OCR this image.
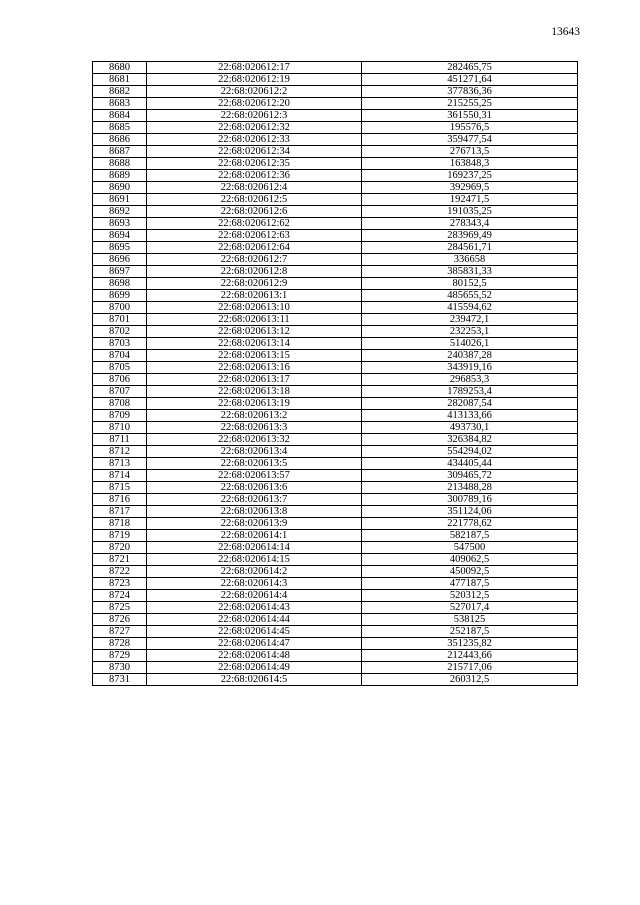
13643
8680	22:68:020612:17	282465,75
8681	22:68:020612:19	451271,64
8682	22:68:020612:2	377836,36
8683	22:68:020612:20	215255,25
8684	22:68:020612:3	361550,31
8685	22:68:020612:32	195576,5
8686	22:68:020612:33	359477,54
8687	22:68:020612:34	276713,5
8688	22:68:020612:35	163848,3
8689	22:68:020612:36	169237,25
8690	22:68:020612:4	392969,5
8691	22:68:020612:5	192471,5
8692	22:68:020612:6	191035,25
8693	22:68:020612:62	278343,4
8694	22:68:020612:63	283969,49
8695	22:68:020612:64	284561,71
8696	22:68:020612:7	336658
8697	22:68:020612:8	385831,33
8698	22:68:020612:9	80152,5
8699	22:68:020613:1	485655,52
8700	22:68:020613:10	415594,62
8701	22:68:020613:11	239472,1
8702	22:68:020613:12	232253,1
8703	22:68:020613:14	514026,1
8704	22:68:020613:15	240387,28
8705	22:68:020613:16	343919,16
8706	22:68:020613:17	296853,3
8707	22:68:020613:18	1789253,4
8708	22:68:020613:19	282087,54
8709	22:68:020613:2	413133,66
8710	22:68:020613:3	493730,1
8711	22:68:020613:32	326384,82
8712	22:68:020613:4	554294,02
8713	22:68:020613:5	434405,44
8714	22:68:020613:57	309465,72
8715	22:68:020613:6	213488,28
8716	22:68:020613:7	300789,16
8717	22:68:020613:8	351124,06
8718	22:68:020613:9	221778,62
8719	22:68:020614:1	582187,5
8720	22:68:020614:14	547500
8721	22:68:020614:15	409062,5
8722	22:68:020614:2	450092,5
8723	22:68:020614:3	477187,5
8724	22:68:020614:4	520312,5
8725	22:68:020614:43	527017,4
8726	22:68:020614:44	538125
8727	22:68:020614:45	252187,5
8728	22:68:020614:47	351235,82
8729	22:68:020614:48	212443,66
8730	22:68:020614:49	215717,06
8731	22:68:020614:5	260312,5
